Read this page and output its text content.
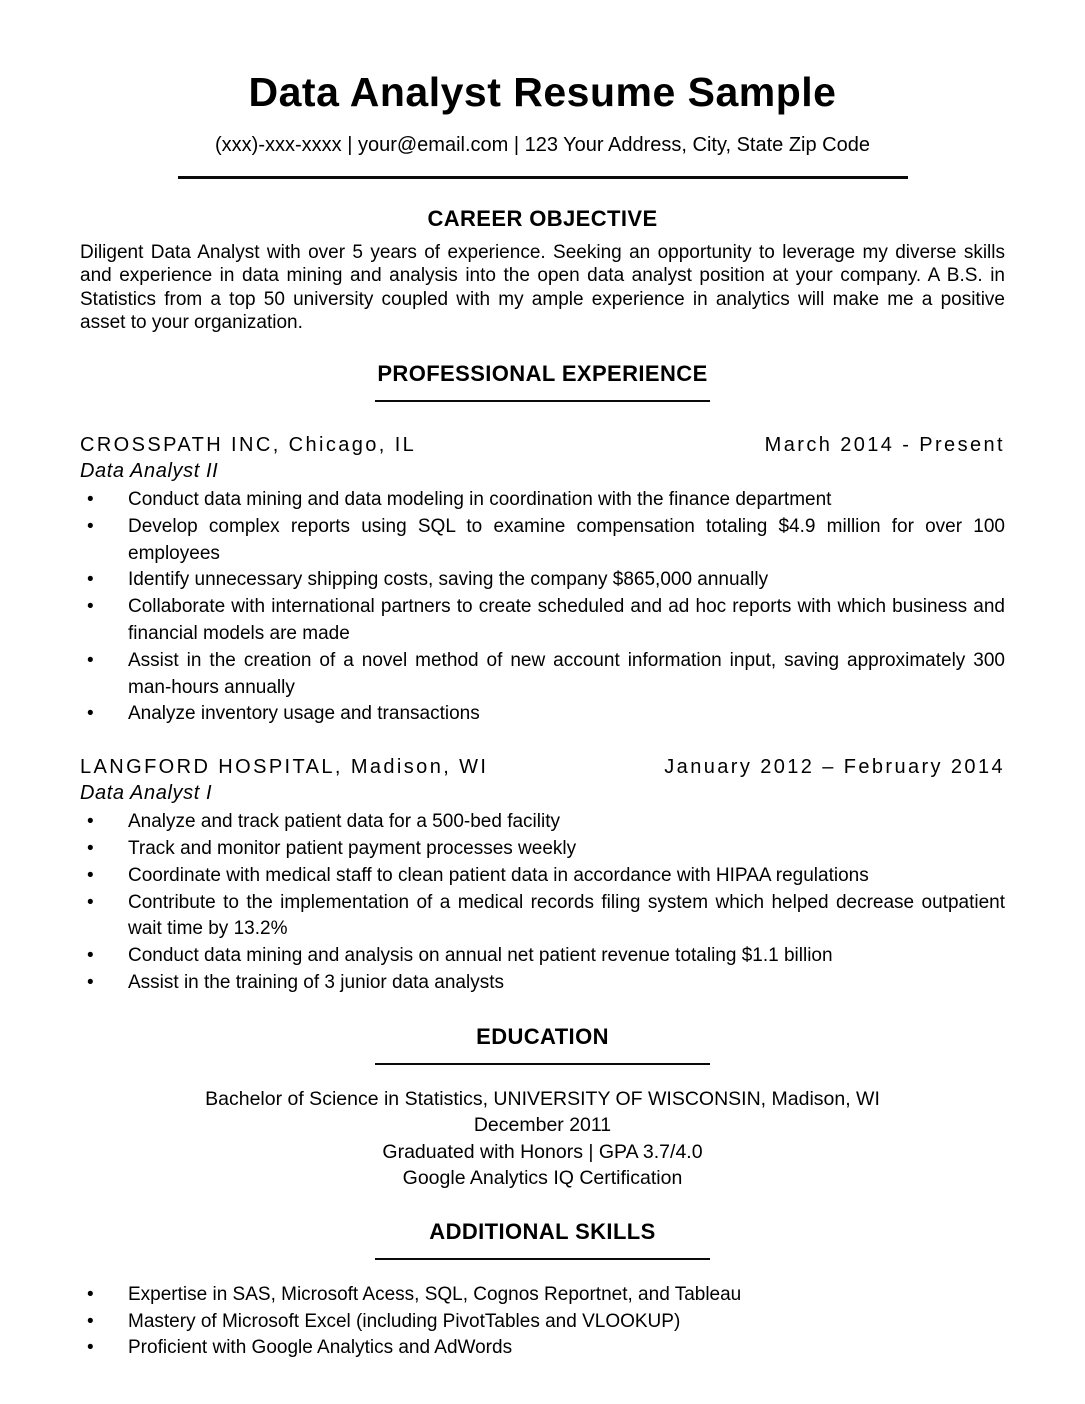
Data Analyst Resume Sample
(xxx)-xxx-xxxx | your@email.com | 123 Your Address, City, State Zip Code
CAREER OBJECTIVE

Diligent Data Analyst with over 5 years of experience. Seeking an opportunity to leverage my diverse skills and experience in data mining and analysis into the open data analyst position at your company. A B.S. in Statistics from a top 50 university coupled with my ample experience in analytics will make me a positive asset to your organization.

PROFESSIONAL EXPERIENCE
CROSSPATH INC, Chicago, IL	March 2014 - Present
Data Analyst II
• Conduct data mining and data modeling in coordination with the finance department
• Develop complex reports using SQL to examine compensation totaling $4.9 million for over 100 employees
• Identify unnecessary shipping costs, saving the company $865,000 annually
• Collaborate with international partners to create scheduled and ad hoc reports with which business and financial models are made
• Assist in the creation of a novel method of new account information input, saving approximately 300 man-hours annually
• Analyze inventory usage and transactions
LANGFORD HOSPITAL, Madison, WI	January 2012 – February 2014
Data Analyst I
• Analyze and track patient data for a 500-bed facility
• Track and monitor patient payment processes weekly
• Coordinate with medical staff to clean patient data in accordance with HIPAA regulations
• Contribute to the implementation of a medical records filing system which helped decrease outpatient wait time by 13.2%
• Conduct data mining and analysis on annual net patient revenue totaling $1.1 billion
• Assist in the training of 3 junior data analysts
EDUCATION
Bachelor of Science in Statistics, UNIVERSITY OF WISCONSIN, Madison, WI
December 2011
Graduated with Honors | GPA 3.7/4.0
Google Analytics IQ Certification
ADDITIONAL SKILLS
• Expertise in SAS, Microsoft Acess, SQL, Cognos Reportnet, and Tableau
• Mastery of Microsoft Excel (including PivotTables and VLOOKUP)
• Proficient with Google Analytics and AdWords
